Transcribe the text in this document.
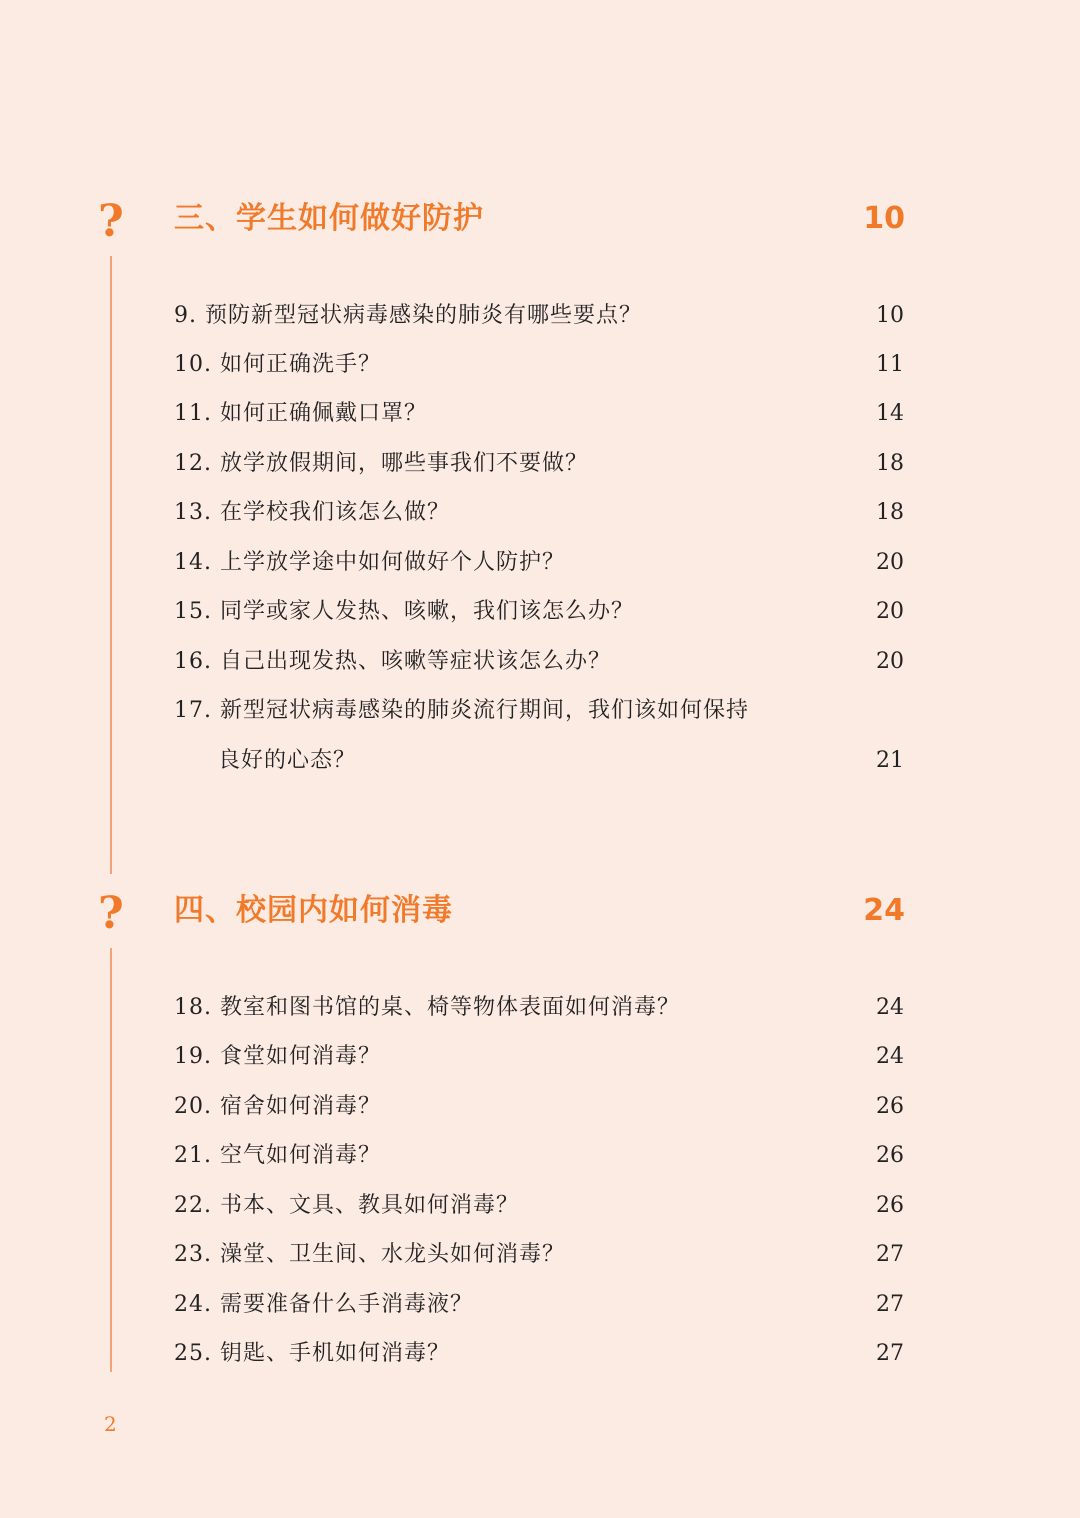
? 三、学生如何做好防护	10
9. 预防新型冠状病毒感染的肺炎有哪些要点？	10
10. 如何正确洗手？	11
11. 如何正确佩戴口罩？	14
12. 放学放假期间，哪些事我们不要做？	18
13. 在学校我们该怎么做？	18
14. 上学放学途中如何做好个人防护？	20
15. 同学或家人发热、咳嗽，我们该怎么办？	20
16. 自己出现发热、咳嗽等症状该怎么办？	20
17. 新型冠状病毒感染的肺炎流行期间，我们该如何保持
良好的心态？	21
? 四、校园内如何消毒	24
18. 教室和图书馆的桌、椅等物体表面如何消毒？	24
19. 食堂如何消毒？	24
20. 宿舍如何消毒？	26
21. 空气如何消毒？	26
22. 书本、文具、教具如何消毒？	26
23. 澡堂、卫生间、水龙头如何消毒？	27
24. 需要准备什么手消毒液？	27
25. 钥匙、手机如何消毒？	27
2
